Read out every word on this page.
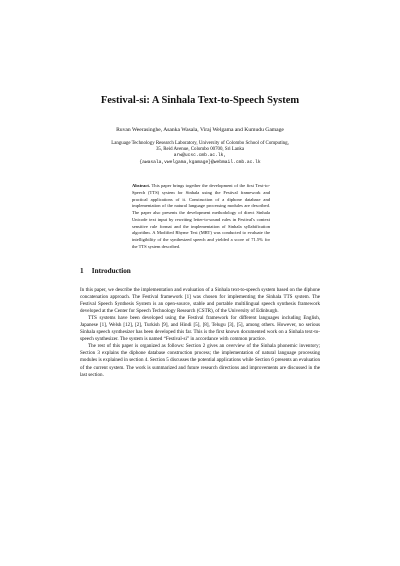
Festival-si: A Sinhala Text-to-Speech System
Ruvan Weerasinghe, Asanka Wasala, Viraj Welgama and Kumudu Gamage
Language Technology Research Laboratory, University of Colombo School of Computing,
35, Reid Avenue, Colombo 00700, Sri Lanka
arw@ucsc.cmb.ac.lk,
{awasala,vwelgama,kgamage}@webmail.cmb.ac.lk
Abstract. This paper brings together the development of the first Text-to-Speech (TTS) system for Sinhala using the Festival framework and practical applications of it. Construction of a diphone database and implementation of the natural language processing modules are described. The paper also presents the development methodology of direct Sinhala Unicode text input by rewriting letter-to-sound rules in Festival's context sensitive rule format and the implementation of Sinhala syllabification algorithm. A Modified Rhyme Test (MRT) was conducted to evaluate the intelligibility of the synthesized speech and yielded a score of 71.5% for the TTS system described.
1 Introduction

In this paper, we describe the implementation and evaluation of a Sinhala text-to-speech system based on the diphone concatenation approach. The Festival framework [1] was chosen for implementing the Sinhala TTS system. The Festival Speech Synthesis System is an open-source, stable and portable multilingual speech synthesis framework developed at the Center for Speech Technology Research (CSTR), of the University of Edinburgh.

TTS systems have been developed using the Festival framework for different languages including English, Japanese [1], Welsh [12], [2], Turkish [9], and Hindi [5], [8], Telugu [3], [5], among others. However, no serious Sinhala speech synthesizer has been developed this far. This is the first known documented work on a Sinhala text-to-speech synthesizer. The system is named “Festival-si” in accordance with common practice.

The rest of this paper is organized as follows: Section 2 gives an overview of the Sinhala phonemic inventory; Section 3 explains the diphone database construction process; the implementation of natural language processing modules is explained in section 4. Section 5 discusses the potential applications while Section 6 presents an evaluation of the current system. The work is summarized and future research directions and improvements are discussed in the last section.
